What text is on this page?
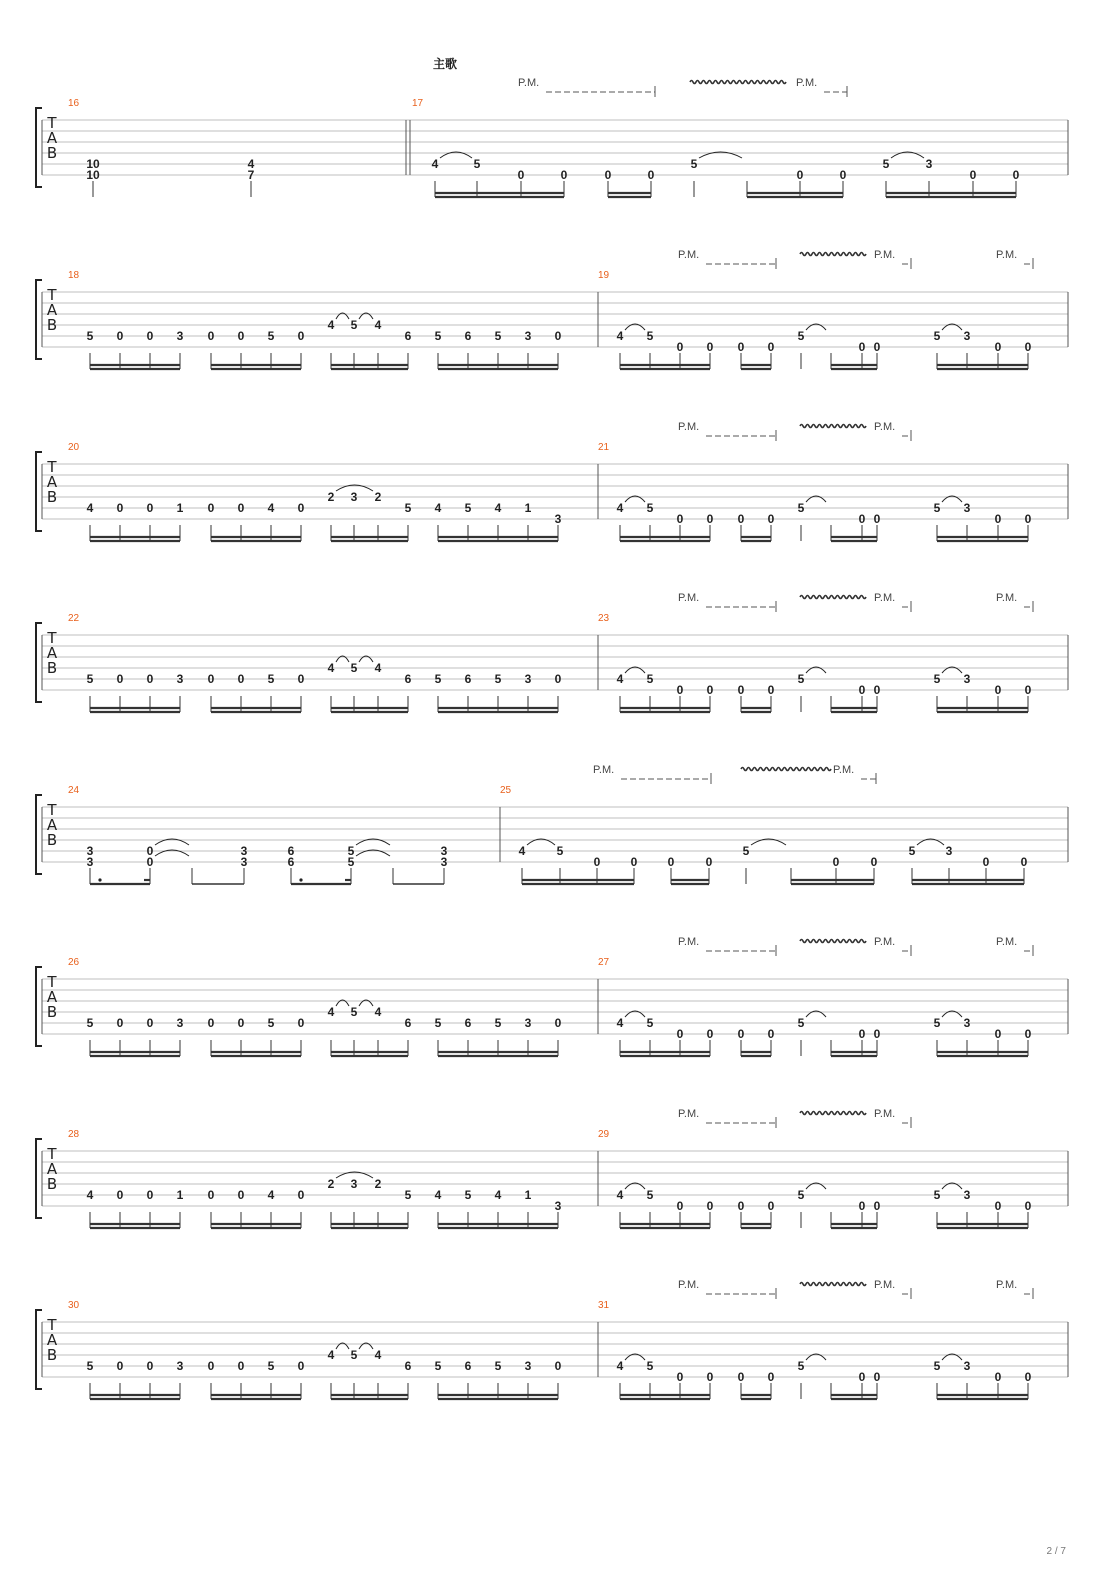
主歌
T
A
B
16	17
10
10
4
7
4	5
0	0	0	0
5
0	0
5	3
0	0
P.M.	P.M.
T
A
B
18	19
5 0 0 3 0 0 5 0
4 5 4
6 5 6 5 3 0	4 5
0 0 0 0
5
0 0
5 3
0 0
P.M.	P.M.	P.M.
T
A
B
20	21
4 0 0 1 0 0 4 0
2 3 2
5 4 5 4 1
3
4 5
0 0 0 0
5
0 0
5 3
0 0
P.M.	P.M.
T
A
B
22	23
5 0 0 3 0 0 5 0
4 5 4
6 5 6 5 3 0	4 5
0 0 0 0
5
0 0
5 3
0 0
P.M.	P.M.	P.M.
T
A
B
24	25
3
3
0
0
3
3
6
6
5
5
3
3
4	5
0	0	0	0
5
0	0
5	3
0	0
P.M.	P.M.
T
A
B
26	27
5 0 0 3 0 0 5 0
4 5 4
6 5 6 5 3 0	4 5
0 0 0 0
5
0 0
5 3
0 0
P.M.	P.M.	P.M.
T
A
B
28	29
4 0 0 1 0 0 4 0
2 3 2
5 4 5 4 1
3
4 5
0 0 0 0
5
0 0
5 3
0 0
P.M.	P.M.
T
A
B
30	31
5 0 0 3 0 0 5 0
4 5 4
6 5 6 5 3 0	4 5
0 0 0 0
5
0 0
5 3
0 0
P.M.	P.M.	P.M.
2 / 7
